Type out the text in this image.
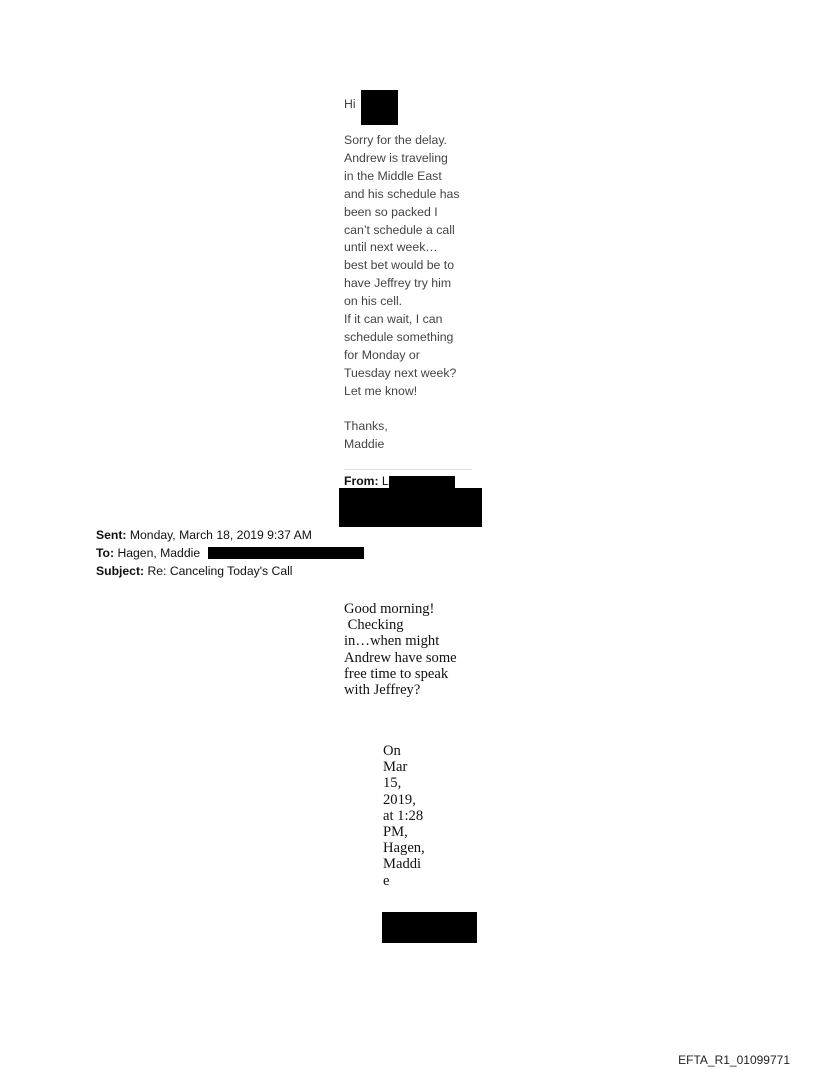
Hi
Sorry for the delay.
Andrew is traveling
in the Middle East
and his schedule has
been so packed I
can’t schedule a call
until next week…
best bet would be to
have Jeffrey try him
on his cell.
If it can wait, I can
schedule something
for Monday or
Tuesday next week?
Let me know!
Thanks,
Maddie
From: L
Sent: Monday, March 18, 2019 9:37 AM
To: Hagen, Maddie
Subject: Re: Canceling Today's Call
Good morning!
Checking
in…when might
Andrew have some
free time to speak
with Jeffrey?
On
Mar
15,
2019,
at 1:28
PM,
Hagen,
Maddi
e
EFTA_R1_01099771
